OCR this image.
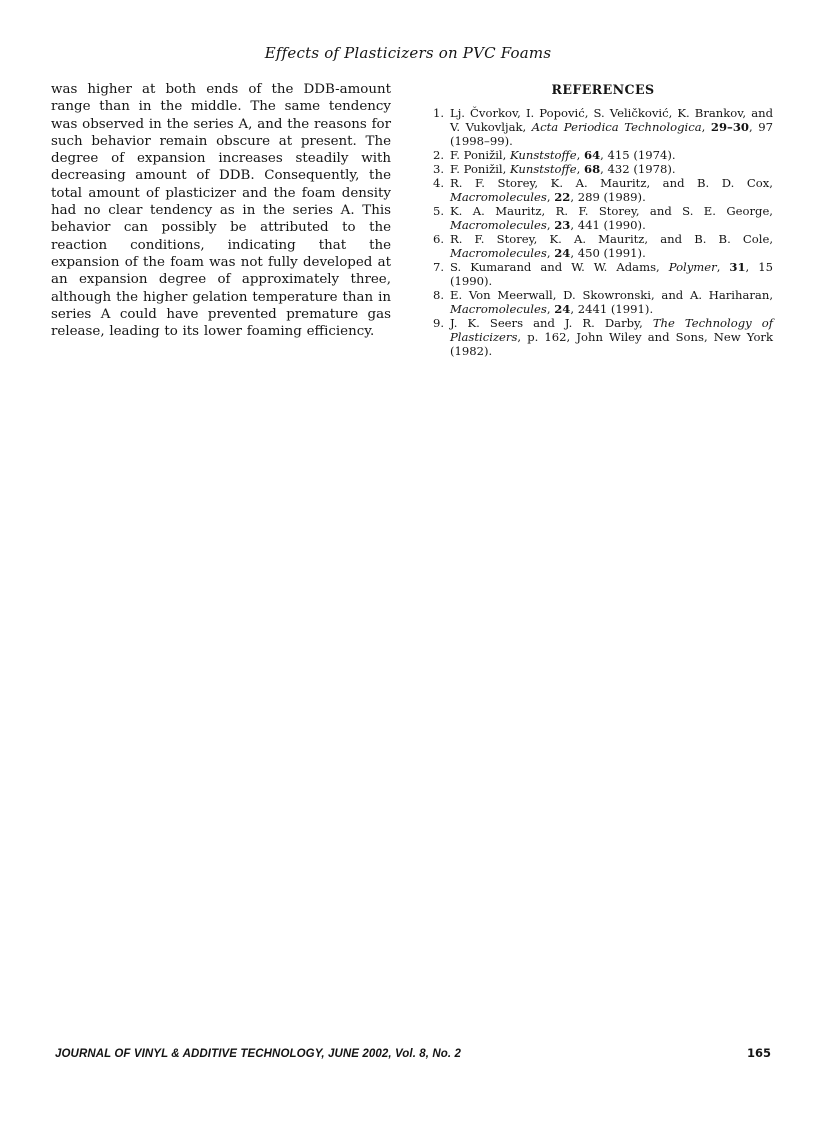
Effects of Plasticizers on PVC Foams

was higher at both ends of the DDB-amount range than in the middle. The same tendency was observed in the series A, and the reasons for such behavior remain obscure at present. The degree of expansion increases steadily with decreasing amount of DDB. Consequently, the total amount of plasticizer and the foam density had no clear tendency as in the series A. This behavior can possibly be attributed to the reaction conditions, indicating that the expansion of the foam was not fully developed at an expansion degree of approximately three, although the higher gelation temperature than in series A could have prevented premature gas release, leading to its lower foaming efficiency.

REFERENCES
1. Lj. Čvorkov, I. Popović, S. Veličković, K. Brankov, and V. Vukovljak, Acta Periodica Technologica, 29–30, 97 (1998–99).
2. F. Ponižil, Kunststoffe, 64, 415 (1974).
3. F. Ponižil, Kunststoffe, 68, 432 (1978).
4. R. F. Storey, K. A. Mauritz, and B. D. Cox, Macromolecules, 22, 289 (1989).
5. K. A. Mauritz, R. F. Storey, and S. E. George, Macromolecules, 23, 441 (1990).
6. R. F. Storey, K. A. Mauritz, and B. B. Cole, Macromolecules, 24, 450 (1991).
7. S. Kumarand and W. W. Adams, Polymer, 31, 15 (1990).
8. E. Von Meerwall, D. Skowronski, and A. Hariharan, Macromolecules, 24, 2441 (1991).
9. J. K. Seers and J. R. Darby, The Technology of Plasticizers, p. 162, John Wiley and Sons, New York (1982).
JOURNAL OF VINYL & ADDITIVE TECHNOLOGY, JUNE 2002, Vol. 8, No. 2	165
